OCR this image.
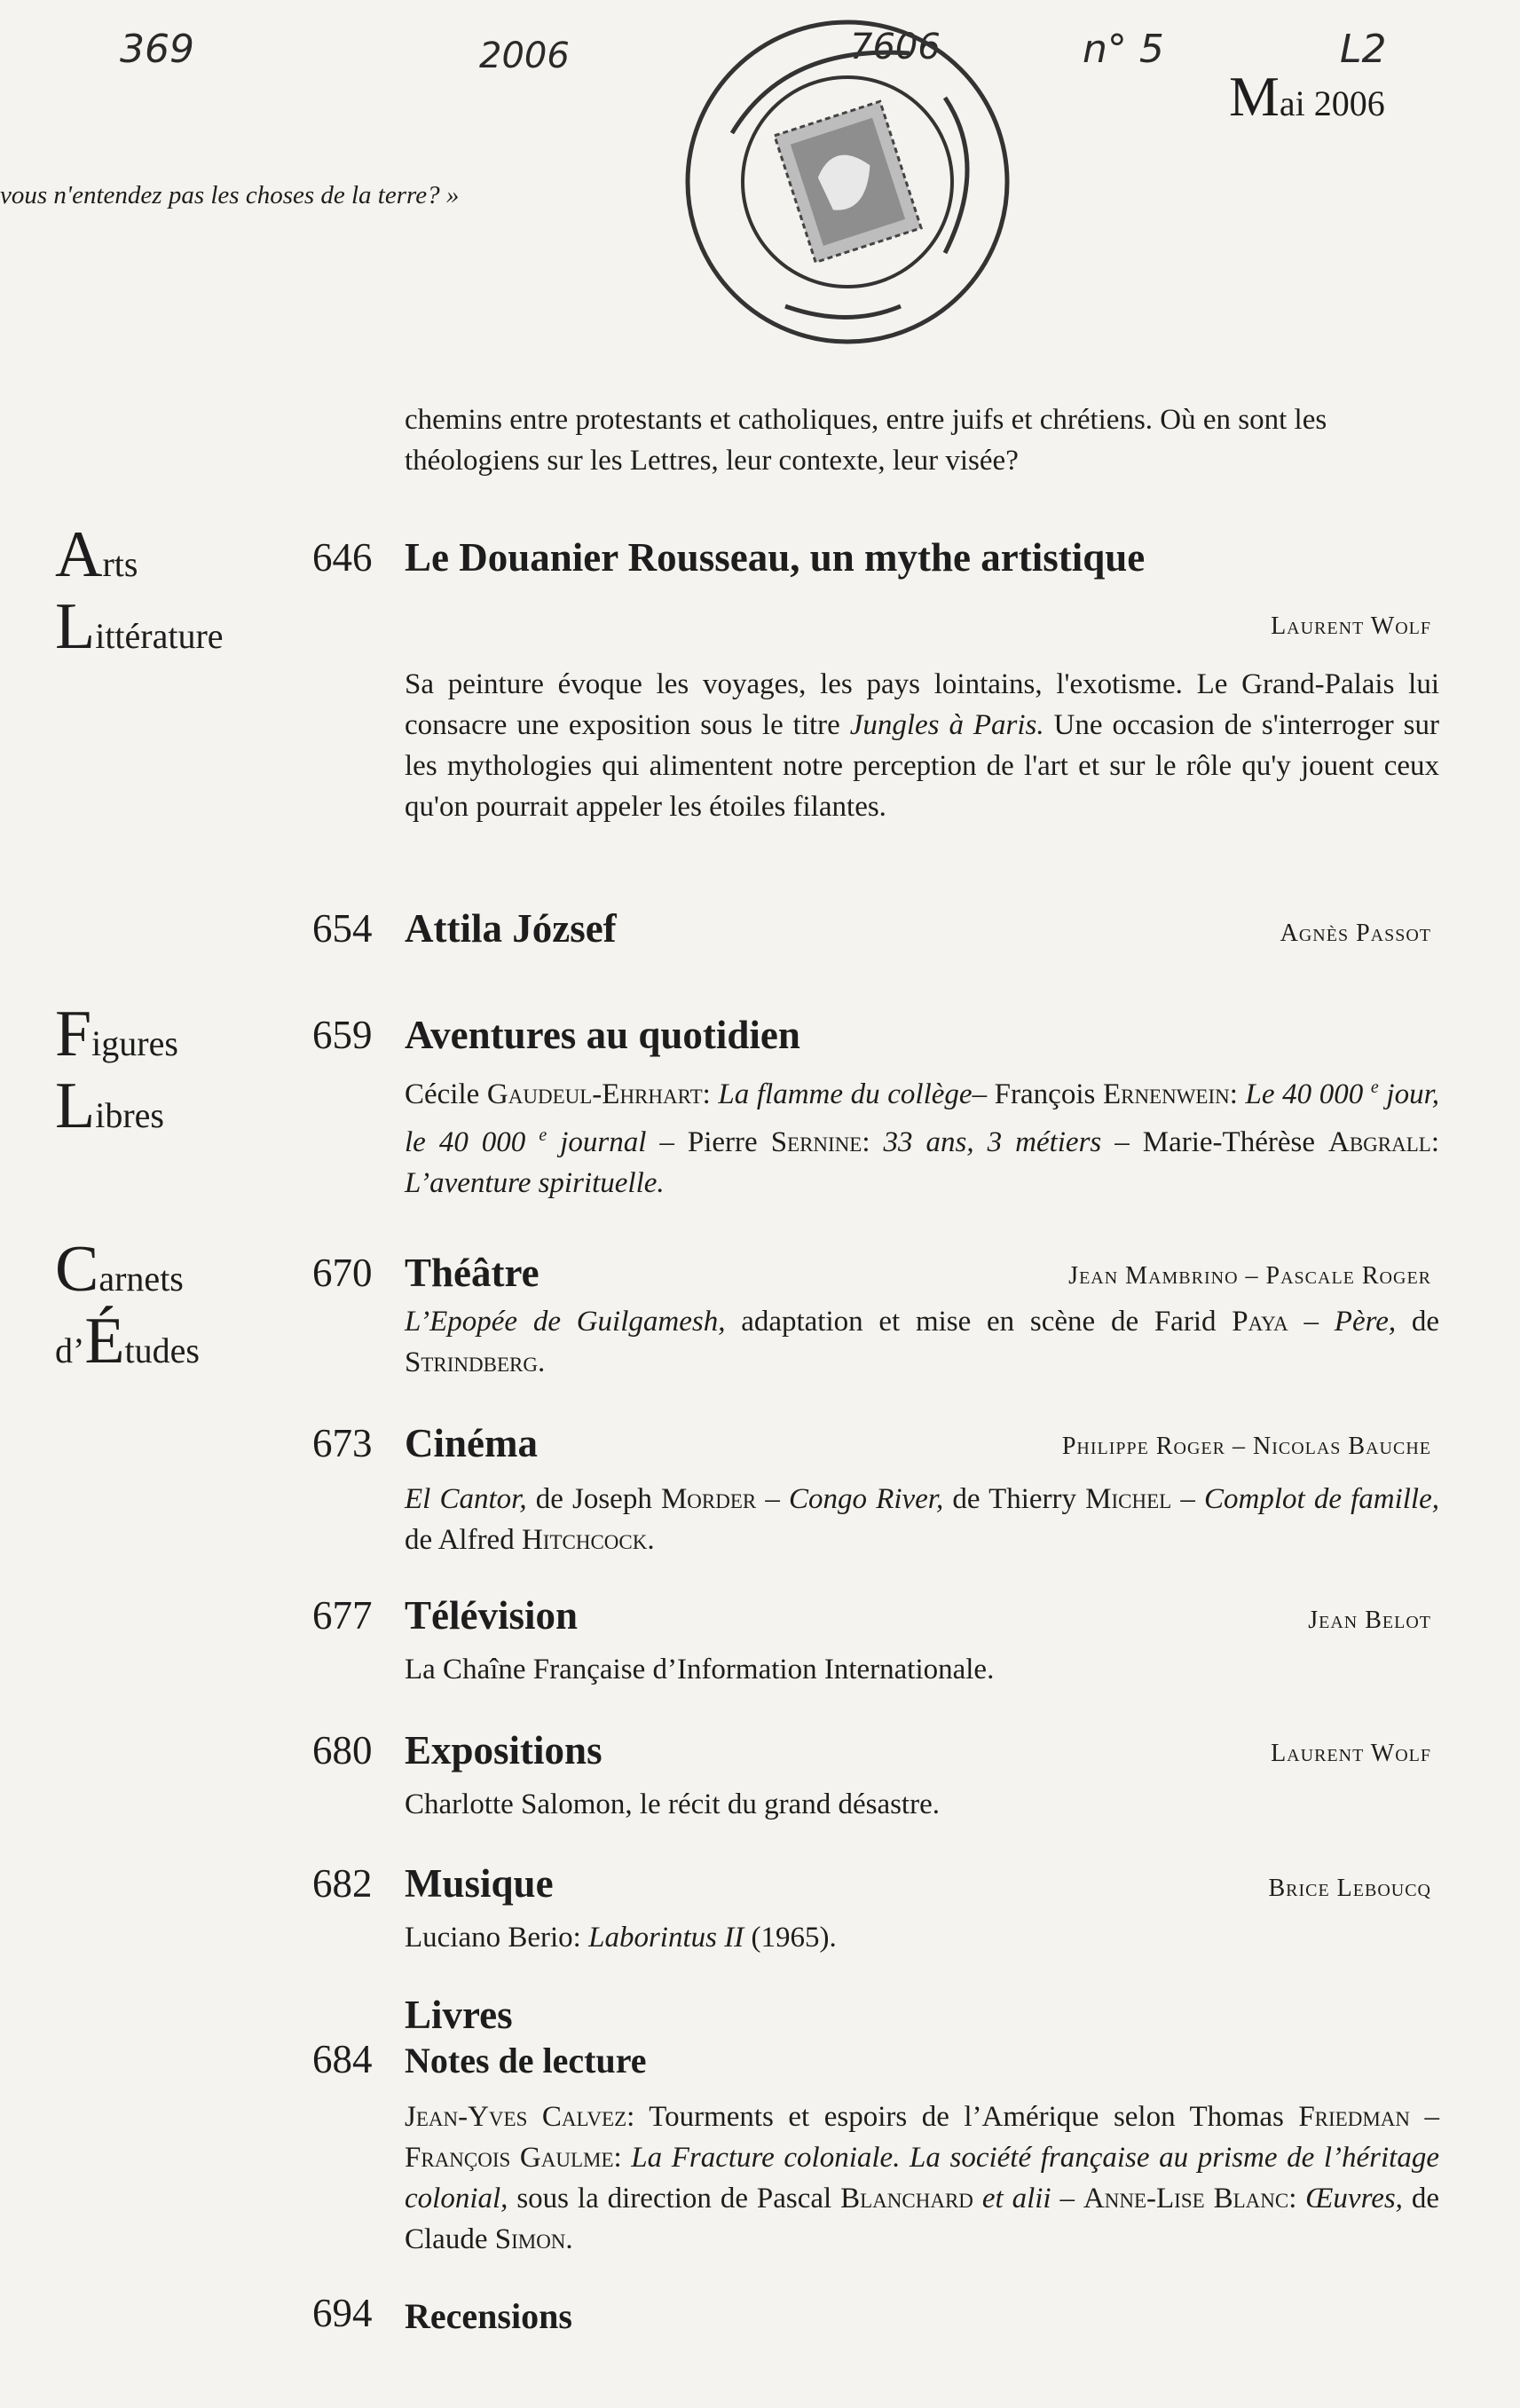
369	2006	7606	n° 5	L2
Mai 2006
vous n'entendez pas les choses de la terre? »
chemins entre protestants et catholiques, entre juifs et chrétiens. Où en sont les théologiens sur les Lettres, leur contexte, leur visée?
Arts
Littérature
Figures
Libres
Carnets
d’Études
646 Le Douanier Rousseau, un mythe artistique
Laurent Wolf
Sa peinture évoque les voyages, les pays lointains, l'exotisme. Le Grand-Palais lui consacre une exposition sous le titre Jungles à Paris. Une occasion de s'interroger sur les mythologies qui alimentent notre perception de l'art et sur le rôle qu'y jouent ceux qu'on pourrait appeler les étoiles filantes.
654 Attila József	Agnès Passot
659 Aventures au quotidien
Cécile Gaudeul-Ehrhart: La flamme du collège– François Ernenwein: Le 40 000 $^e$ jour, le 40 000 $^e$ journal – Pierre Sernine: 33 ans, 3 métiers – Marie-Thérèse Abgrall: L’aventure spirituelle.
670 Théâtre	Jean Mambrino – Pascale Roger
L’Epopée de Guilgamesh, adaptation et mise en scène de Farid Paya – Père, de Strindberg.
673 Cinéma	Philippe Roger – Nicolas Bauche
El Cantor, de Joseph Morder – Congo River, de Thierry Michel – Complot de famille, de Alfred Hitchcock.
677 Télévision	Jean Belot
La Chaîne Française d’Information Internationale.
680 Expositions	Laurent Wolf
Charlotte Salomon, le récit du grand désastre.
682 Musique	Brice Leboucq
Luciano Berio: Laborintus II (1965).
Livres
684 Notes de lecture
Jean-Yves Calvez: Tourments et espoirs de l’Amérique selon Thomas Friedman – François Gaulme: La Fracture coloniale. La société française au prisme de l’héritage colonial, sous la direction de Pascal Blanchard et alii – Anne-Lise Blanc: Œuvres, de Claude Simon.
694 Recensions
